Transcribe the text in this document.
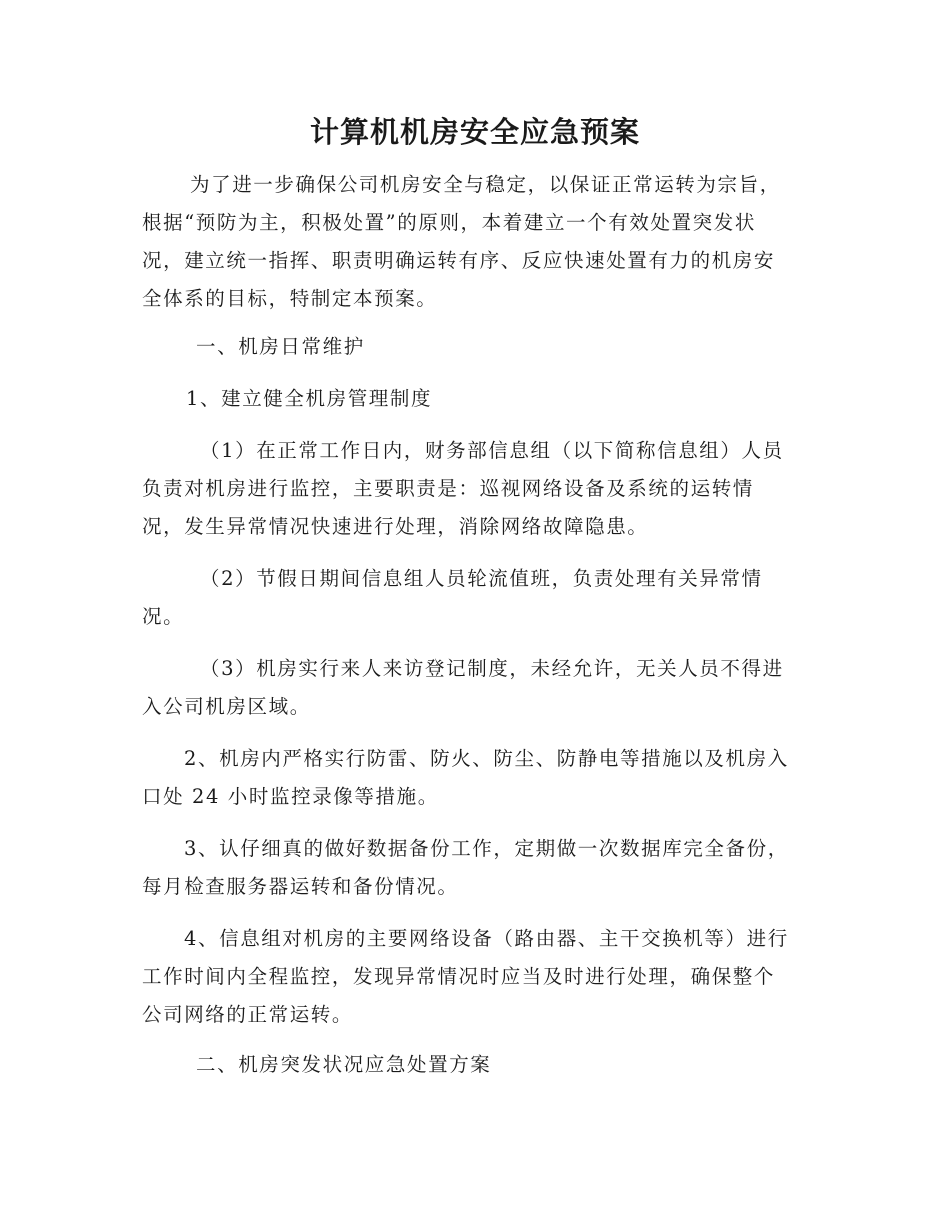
计算机机房安全应急预案
为了进一步确保公司机房安全与稳定，以保证正常运转为宗旨，
根据“预防为主，积极处置”的原则，本着建立一个有效处置突发状
况，建立统一指挥、职责明确运转有序、反应快速处置有力的机房安
全体系的目标，特制定本预案。
一、机房日常维护
1、建立健全机房管理制度
（1）在正常工作日内，财务部信息组（以下简称信息组）人员
负责对机房进行监控，主要职责是：巡视网络设备及系统的运转情
况，发生异常情况快速进行处理，消除网络故障隐患。
（2）节假日期间信息组人员轮流值班，负责处理有关异常情
况。
（3）机房实行来人来访登记制度，未经允许，无关人员不得进
入公司机房区域。
2、机房内严格实行防雷、防火、防尘、防静电等措施以及机房入
口处 24 小时监控录像等措施。
3、认仔细真的做好数据备份工作，定期做一次数据库完全备份，
每月检查服务器运转和备份情况。
4、信息组对机房的主要网络设备（路由器、主干交换机等）进行
工作时间内全程监控，发现异常情况时应当及时进行处理，确保整个
公司网络的正常运转。
二、机房突发状况应急处置方案
